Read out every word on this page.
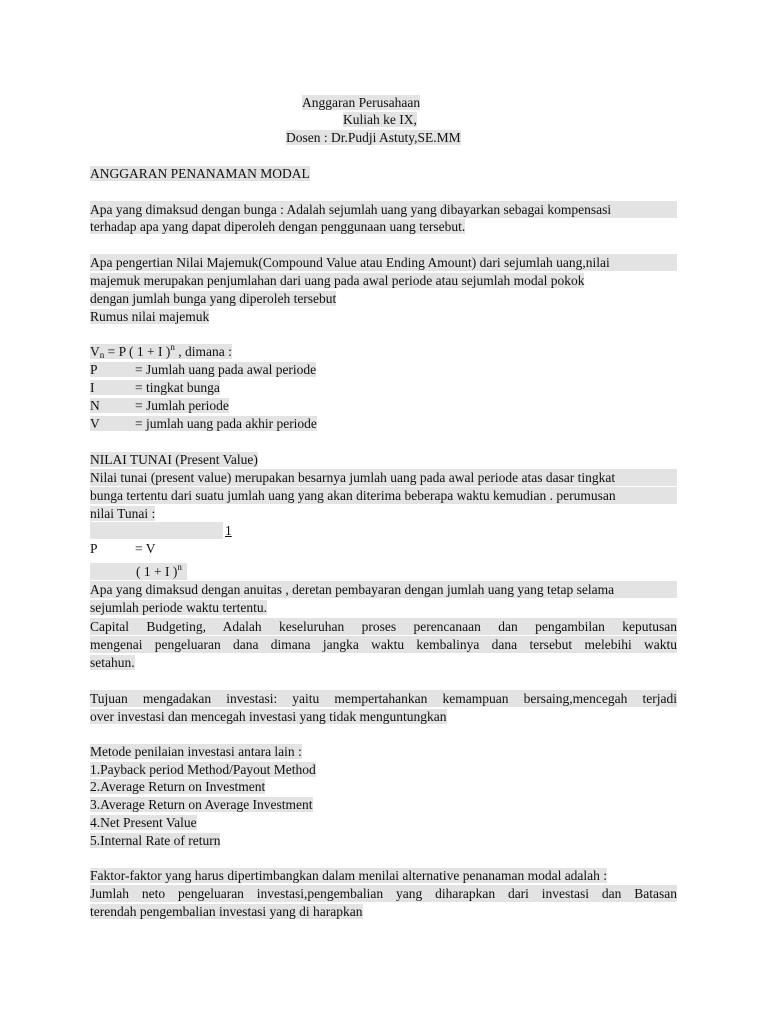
Anggaran Perusahaan
Kuliah ke IX,
Dosen : Dr.Pudji Astuty,SE.MM
ANGGARAN PENANAMAN MODAL
Apa yang dimaksud dengan bunga : Adalah sejumlah uang yang dibayarkan sebagai kompensasi
terhadap apa yang dapat diperoleh dengan penggunaan uang tersebut.
Apa pengertian Nilai Majemuk(Compound Value atau Ending Amount) dari sejumlah uang,nilai
majemuk merupakan penjumlahan dari uang pada awal periode atau sejumlah modal pokok
dengan jumlah bunga yang diperoleh tersebut
Rumus nilai majemuk
$V_n = P$ ( 1 + I )$^n$ , dimana :
P	= Jumlah uang pada awal periode
I	= tingkat bunga
N	= Jumlah periode
V	= jumlah uang pada akhir periode
NILAI TUNAI (Present Value)
Nilai tunai (present value) merupakan besarnya jumlah uang pada awal periode atas dasar tingkat
bunga tertentu dari suatu jumlah uang yang akan diterima beberapa waktu kemudian . perumusan
nilai Tunai :
1
P	= V
( 1 + I )$^n$
Apa yang dimaksud dengan anuitas , deretan pembayaran dengan jumlah uang yang tetap selama
sejumlah periode waktu tertentu.
Capital Budgeting, Adalah keseluruhan proses perencanaan dan pengambilan keputusan
mengenai pengeluaran dana dimana jangka waktu kembalinya dana tersebut melebihi waktu
setahun.
Tujuan mengadakan investasi: yaitu mempertahankan kemampuan bersaing,mencegah terjadi
over investasi dan mencegah investasi yang tidak menguntungkan
Metode penilaian investasi antara lain :
1.Payback period Method/Payout Method
2.Average Return on Investment
3.Average Return on Average Investment
4.Net Present Value
5.Internal Rate of return
Faktor-faktor yang harus dipertimbangkan dalam menilai alternative penanaman modal adalah :
Jumlah neto pengeluaran investasi,pengembalian yang diharapkan dari investasi dan Batasan
terendah pengembalian investasi yang di harapkan
